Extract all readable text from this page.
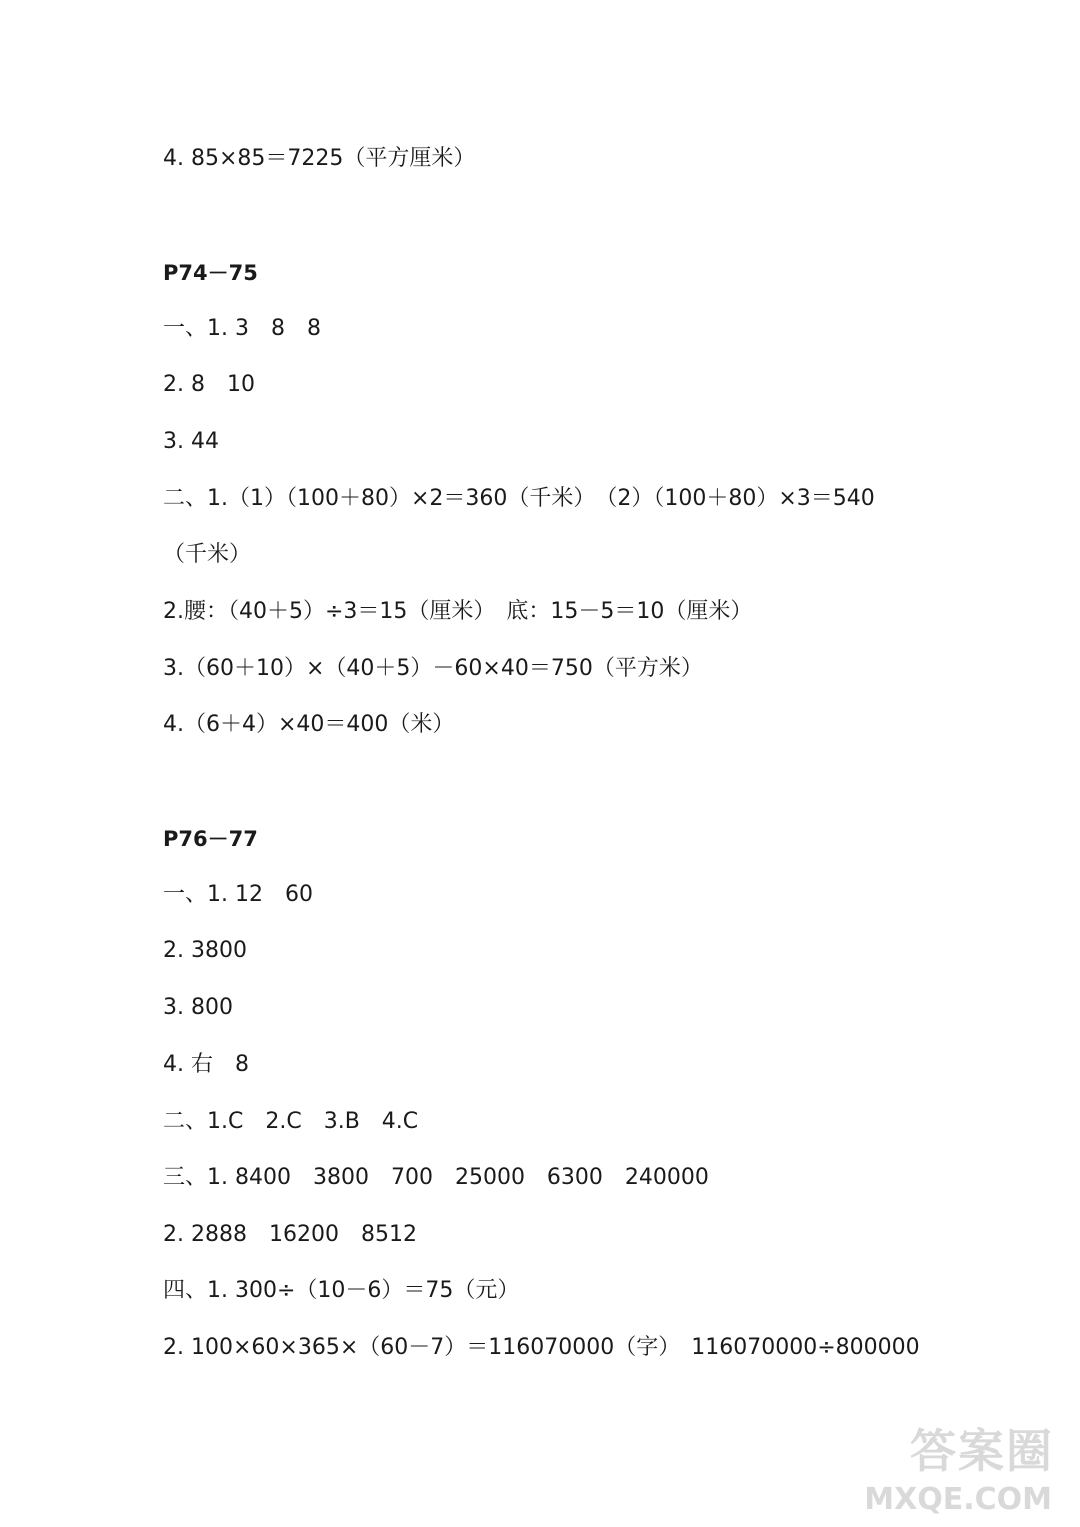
4. 85×85＝7225（平方厘米）
P74－75
一、1. 3　8　8
2. 8　10
3. 44
二、1.（1）（100＋80）×2＝360（千米）　（2）（100＋80）×3＝540
（千米）
2.腰：（40＋5）÷3＝15（厘米）　底：15－5＝10（厘米）
3.（60＋10）×（40＋5）－60×40＝750（平方米）
4.（6＋4）×40＝400（米）
P76－77
一、1. 12　60
2. 3800
3. 800
4. 右　8
二、1.C　2.C　3.B　4.C
三、1. 8400　3800　700　25000　6300　240000
2. 2888　16200　8512
四、1. 300÷（10－6）＝75（元）
2. 100×60×365×（60－7）＝116070000（字）　116070000÷800000
答案圈
MXQE.COM
